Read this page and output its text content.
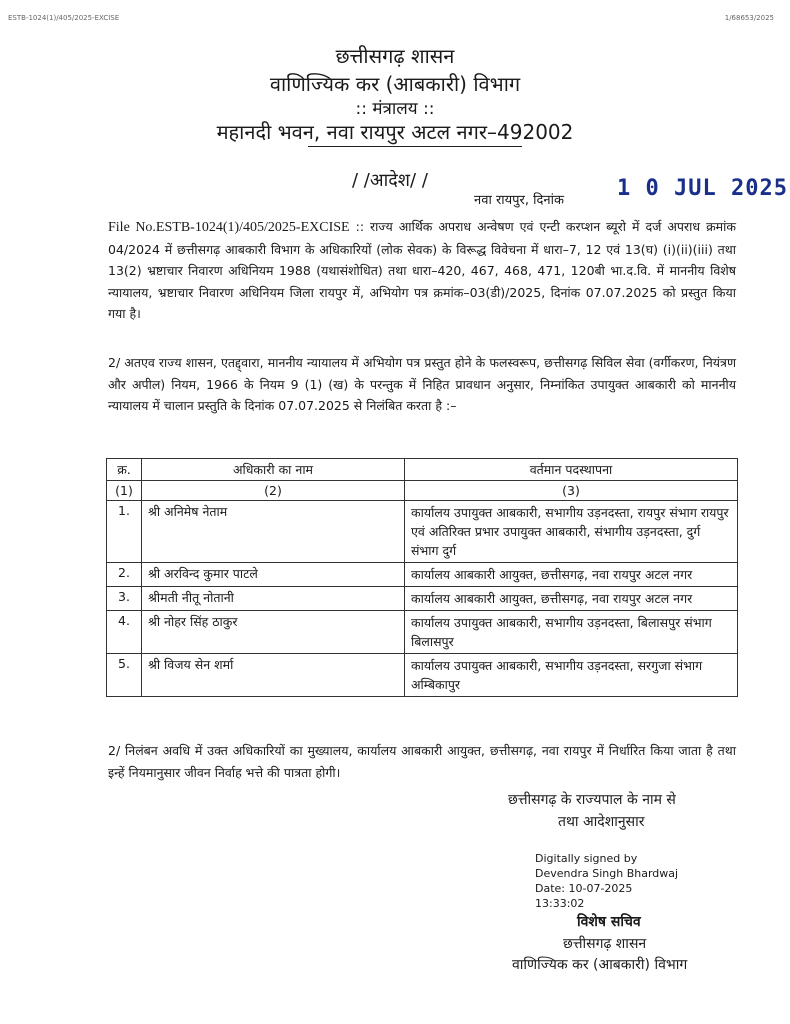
ESTB-1024(1)/405/2025-EXCISE	1/68653/2025
छत्तीसगढ़ शासन
वाणिज्यिक कर (आबकारी) विभाग
:: मंत्रालय ::
महानदी भवन, नवा रायपुर अटल नगर–492002
/ /आदेश/ /
नवा रायपुर, दिनांक 1 0 JUL 2025
File No.ESTB-1024(1)/405/2025-EXCISE :: राज्य आर्थिक अपराध अन्वेषण एवं एन्टी करप्शन ब्यूरो में दर्ज अपराध क्रमांक 04/2024 में छत्तीसगढ़ आबकारी विभाग के अधिकारियों (लोक सेवक) के विरूद्ध विवेचना में धारा–7, 12 एवं 13(घ) (i)(ii)(iii) तथा 13(2) भ्रष्टाचार निवारण अधिनियम 1988 (यथासंशोधित) तथा धारा–420, 467, 468, 471, 120बी भा.द.वि. में माननीय विशेष न्यायालय, भ्रष्टाचार निवारण अधिनियम जिला रायपुर में, अभियोग पत्र क्रमांक–03(डी)/2025, दिनांक 07.07.2025 को प्रस्तुत किया गया है।
2/ अतएव राज्य शासन, एतद्द्वारा, माननीय न्यायालय में अभियोग पत्र प्रस्तुत होने के फलस्वरूप, छत्तीसगढ़ सिविल सेवा (वर्गीकरण, नियंत्रण और अपील) नियम, 1966 के नियम 9 (1) (ख) के परन्तुक में निहित प्रावधान अनुसार, निम्नांकित उपायुक्त आबकारी को माननीय न्यायालय में चालान प्रस्तुति के दिनांक 07.07.2025 से निलंबित करता है :–
क्र.	अधिकारी का नाम	वर्तमान पदस्थापना
(1)	(2)	(3)
1.	श्री अनिमेष नेताम	कार्यालय उपायुक्त आबकारी, सभागीय उड़नदस्ता, रायपुर संभाग रायपुर एवं अतिरिक्त प्रभार उपायुक्त आबकारी, संभागीय उड़नदस्ता, दुर्ग संभाग दुर्ग
2.	श्री अरविन्द कुमार पाटले	कार्यालय आबकारी आयुक्त, छत्तीसगढ़, नवा रायपुर अटल नगर
3.	श्रीमती नीतू नोतानी	कार्यालय आबकारी आयुक्त, छत्तीसगढ़, नवा रायपुर अटल नगर
4.	श्री नोहर सिंह ठाकुर	कार्यालय उपायुक्त आबकारी, सभागीय उड़नदस्ता, बिलासपुर संभाग बिलासपुर
5.	श्री विजय सेन शर्मा	कार्यालय उपायुक्त आबकारी, सभागीय उड़नदस्ता, सरगुजा संभाग अम्बिकापुर
2/ निलंबन अवधि में उक्त अधिकारियों का मुख्यालय, कार्यालय आबकारी आयुक्त, छत्तीसगढ़, नवा रायपुर में निर्धारित किया जाता है तथा इन्हें नियमानुसार जीवन निर्वाह भत्ते की पात्रता होगी।
छत्तीसगढ़ के राज्यपाल के नाम से
तथा आदेशानुसार
Digitally signed by
Devendra Singh Bhardwaj
Date: 10-07-2025
13:33:02
विशेष सचिव
छत्तीसगढ़ शासन
वाणिज्यिक कर (आबकारी) विभाग
